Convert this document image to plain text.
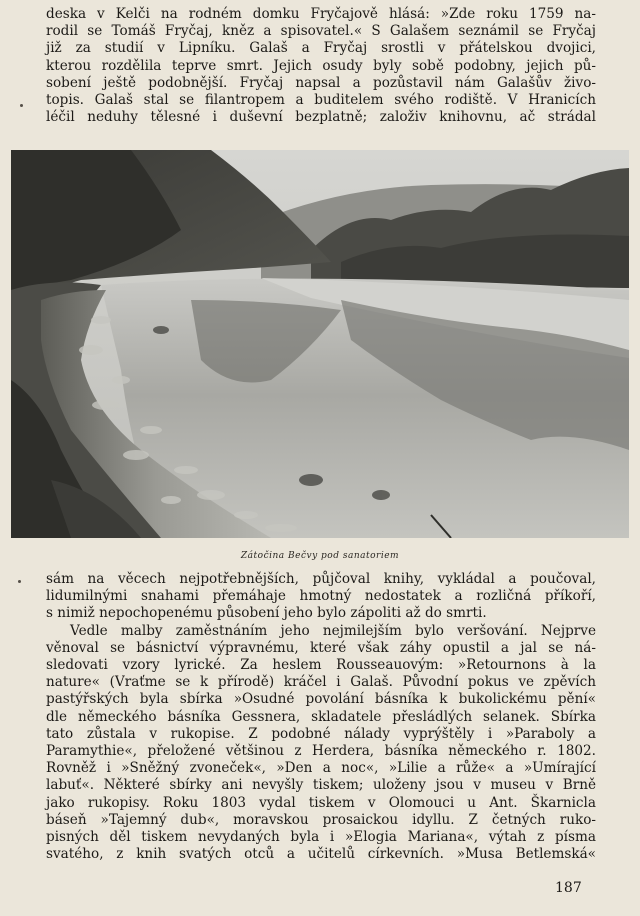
deska v Kelči na rodném domku Fryčajově hlásá: »Zde roku 1759 na-
rodil se Tomáš Fryčaj, kněz a spisovatel.« S Galašem seznámil se Fryčaj
již za studií v Lipníku. Galaš a Fryčaj srostli v přátelskou dvojici,
kterou rozdělila teprve smrt. Jejich osudy byly sobě podobny, jejich pů-
sobení ještě podobnější. Fryčaj napsal a pozůstavil nám Galašův živo-
topis. Galaš stal se filantropem a buditelem svého rodiště. V Hranicích
léčil neduhy tělesné i duševní bezplatně; založiv knihovnu, ač strádal
Zátočina Bečvy pod sanatoriem
sám na věcech nejpotřebnějších, půjčoval knihy, vykládal a poučoval,
lidumilnými snahami přemáhaje hmotný nedostatek a rozličná příkoří,
s nimiž nepochopenému působení jeho bylo zápoliti až do smrti.
Vedle malby zaměstnáním jeho nejmilejším bylo veršování. Nejprve
věnoval se básnictví výpravnému, které však záhy opustil a jal se ná-
sledovati vzory lyrické. Za heslem Rousseauovým: »Retournons à la
nature« (Vraťme se k přírodě) kráčel i Galaš. Původní pokus ve zpěvích
pastýřských byla sbírka »Osudné povolání básníka k bukolickému pění«
dle německého básníka Gessnera, skladatele přesládlých selanek. Sbírka
tato zůstala v rukopise. Z podobné nálady vyprýštěly i »Paraboly a
Paramythie«, přeložené většinou z Herdera, básníka německého r. 1802.
Rovněž i »Sněžný zvoneček«, »Den a noc«, »Lilie a růže« a »Umírající
labuť«. Některé sbírky ani nevyšly tiskem; uloženy jsou v museu v Brně
jako rukopisy. Roku 1803 vydal tiskem v Olomouci u Ant. Škarnicla
báseň »Tajemný dub«, moravskou prosaickou idyllu. Z četných ruko-
pisných děl tiskem nevydaných byla i »Elogia Mariana«, výtah z písma
svatého, z knih svatých otců a učitelů církevních. »Musa Betlemská«
187
